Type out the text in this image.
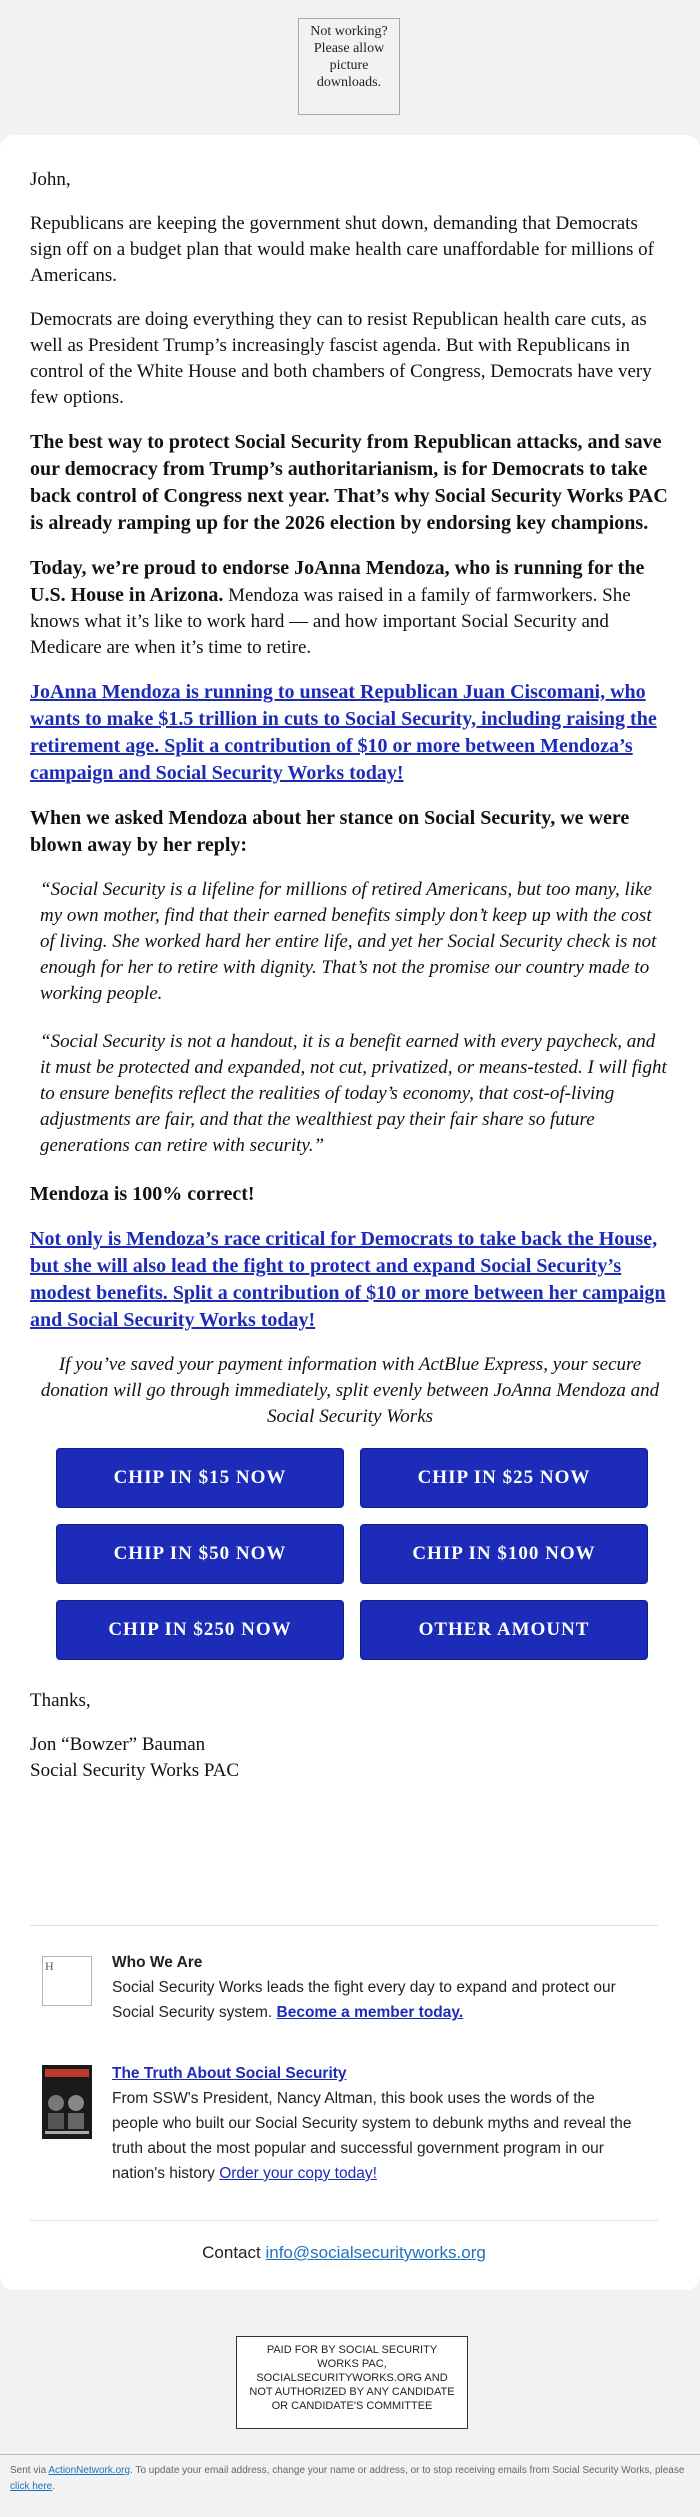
Not working? Please allow picture downloads.

John,

Republicans are keeping the government shut down, demanding that Democrats sign off on a budget plan that would make health care unaffordable for millions of Americans.

Democrats are doing everything they can to resist Republican health care cuts, as well as President Trump’s increasingly fascist agenda. But with Republicans in control of the White House and both chambers of Congress, Democrats have very few options.

The best way to protect Social Security from Republican attacks, and save our democracy from Trump’s authoritarianism, is for Democrats to take back control of Congress next year. That’s why Social Security Works PAC is already ramping up for the 2026 election by endorsing key champions.

Today, we’re proud to endorse JoAnna Mendoza, who is running for the U.S. House in Arizona. Mendoza was raised in a family of farmworkers. She knows what it’s like to work hard — and how important Social Security and Medicare are when it’s time to retire.

JoAnna Mendoza is running to unseat Republican Juan Ciscomani, who wants to make $1.5 trillion in cuts to Social Security, including raising the retirement age. Split a contribution of $10 or more between Mendoza’s campaign and Social Security Works today!

When we asked Mendoza about her stance on Social Security, we were blown away by her reply:

“Social Security is a lifeline for millions of retired Americans, but too many, like my own mother, find that their earned benefits simply don’t keep up with the cost of living. She worked hard her entire life, and yet her Social Security check is not enough for her to retire with dignity. That’s not the promise our country made to working people.

“Social Security is not a handout, it is a benefit earned with every paycheck, and it must be protected and expanded, not cut, privatized, or means-tested. I will fight to ensure benefits reflect the realities of today’s economy, that cost-of-living adjustments are fair, and that the wealthiest pay their fair share so future generations can retire with security.”

Mendoza is 100% correct!

Not only is Mendoza’s race critical for Democrats to take back the House, but she will also lead the fight to protect and expand Social Security’s modest benefits. Split a contribution of $10 or more between her campaign and Social Security Works today!

If you’ve saved your payment information with ActBlue Express, your secure donation will go through immediately, split evenly between JoAnna Mendoza and Social Security Works

CHIP IN $15 NOW	CHIP IN $25 NOW
CHIP IN $50 NOW	CHIP IN $100 NOW
CHIP IN $250 NOW	OTHER AMOUNT

Thanks,

Jon “Bowzer” Bauman

Social Security Works PAC

H	Who We Are
Social Security Works leads the fight every day to expand and protect our Social Security system. Become a member today.
The Truth About Social Security
From SSW's President, Nancy Altman, this book uses the words of the people who built our Social Security system to debunk myths and reveal the truth about the most popular and successful government program in our nation's history Order your copy today!
Contact info@socialsecurityworks.org
PAID FOR BY SOCIAL SECURITY WORKS PAC, SOCIALSECURITYWORKS.ORG AND NOT AUTHORIZED BY ANY CANDIDATE OR CANDIDATE'S COMMITTEE
Sent via ActionNetwork.org. To update your email address, change your name or address, or to stop receiving emails from Social Security Works, please click here.
